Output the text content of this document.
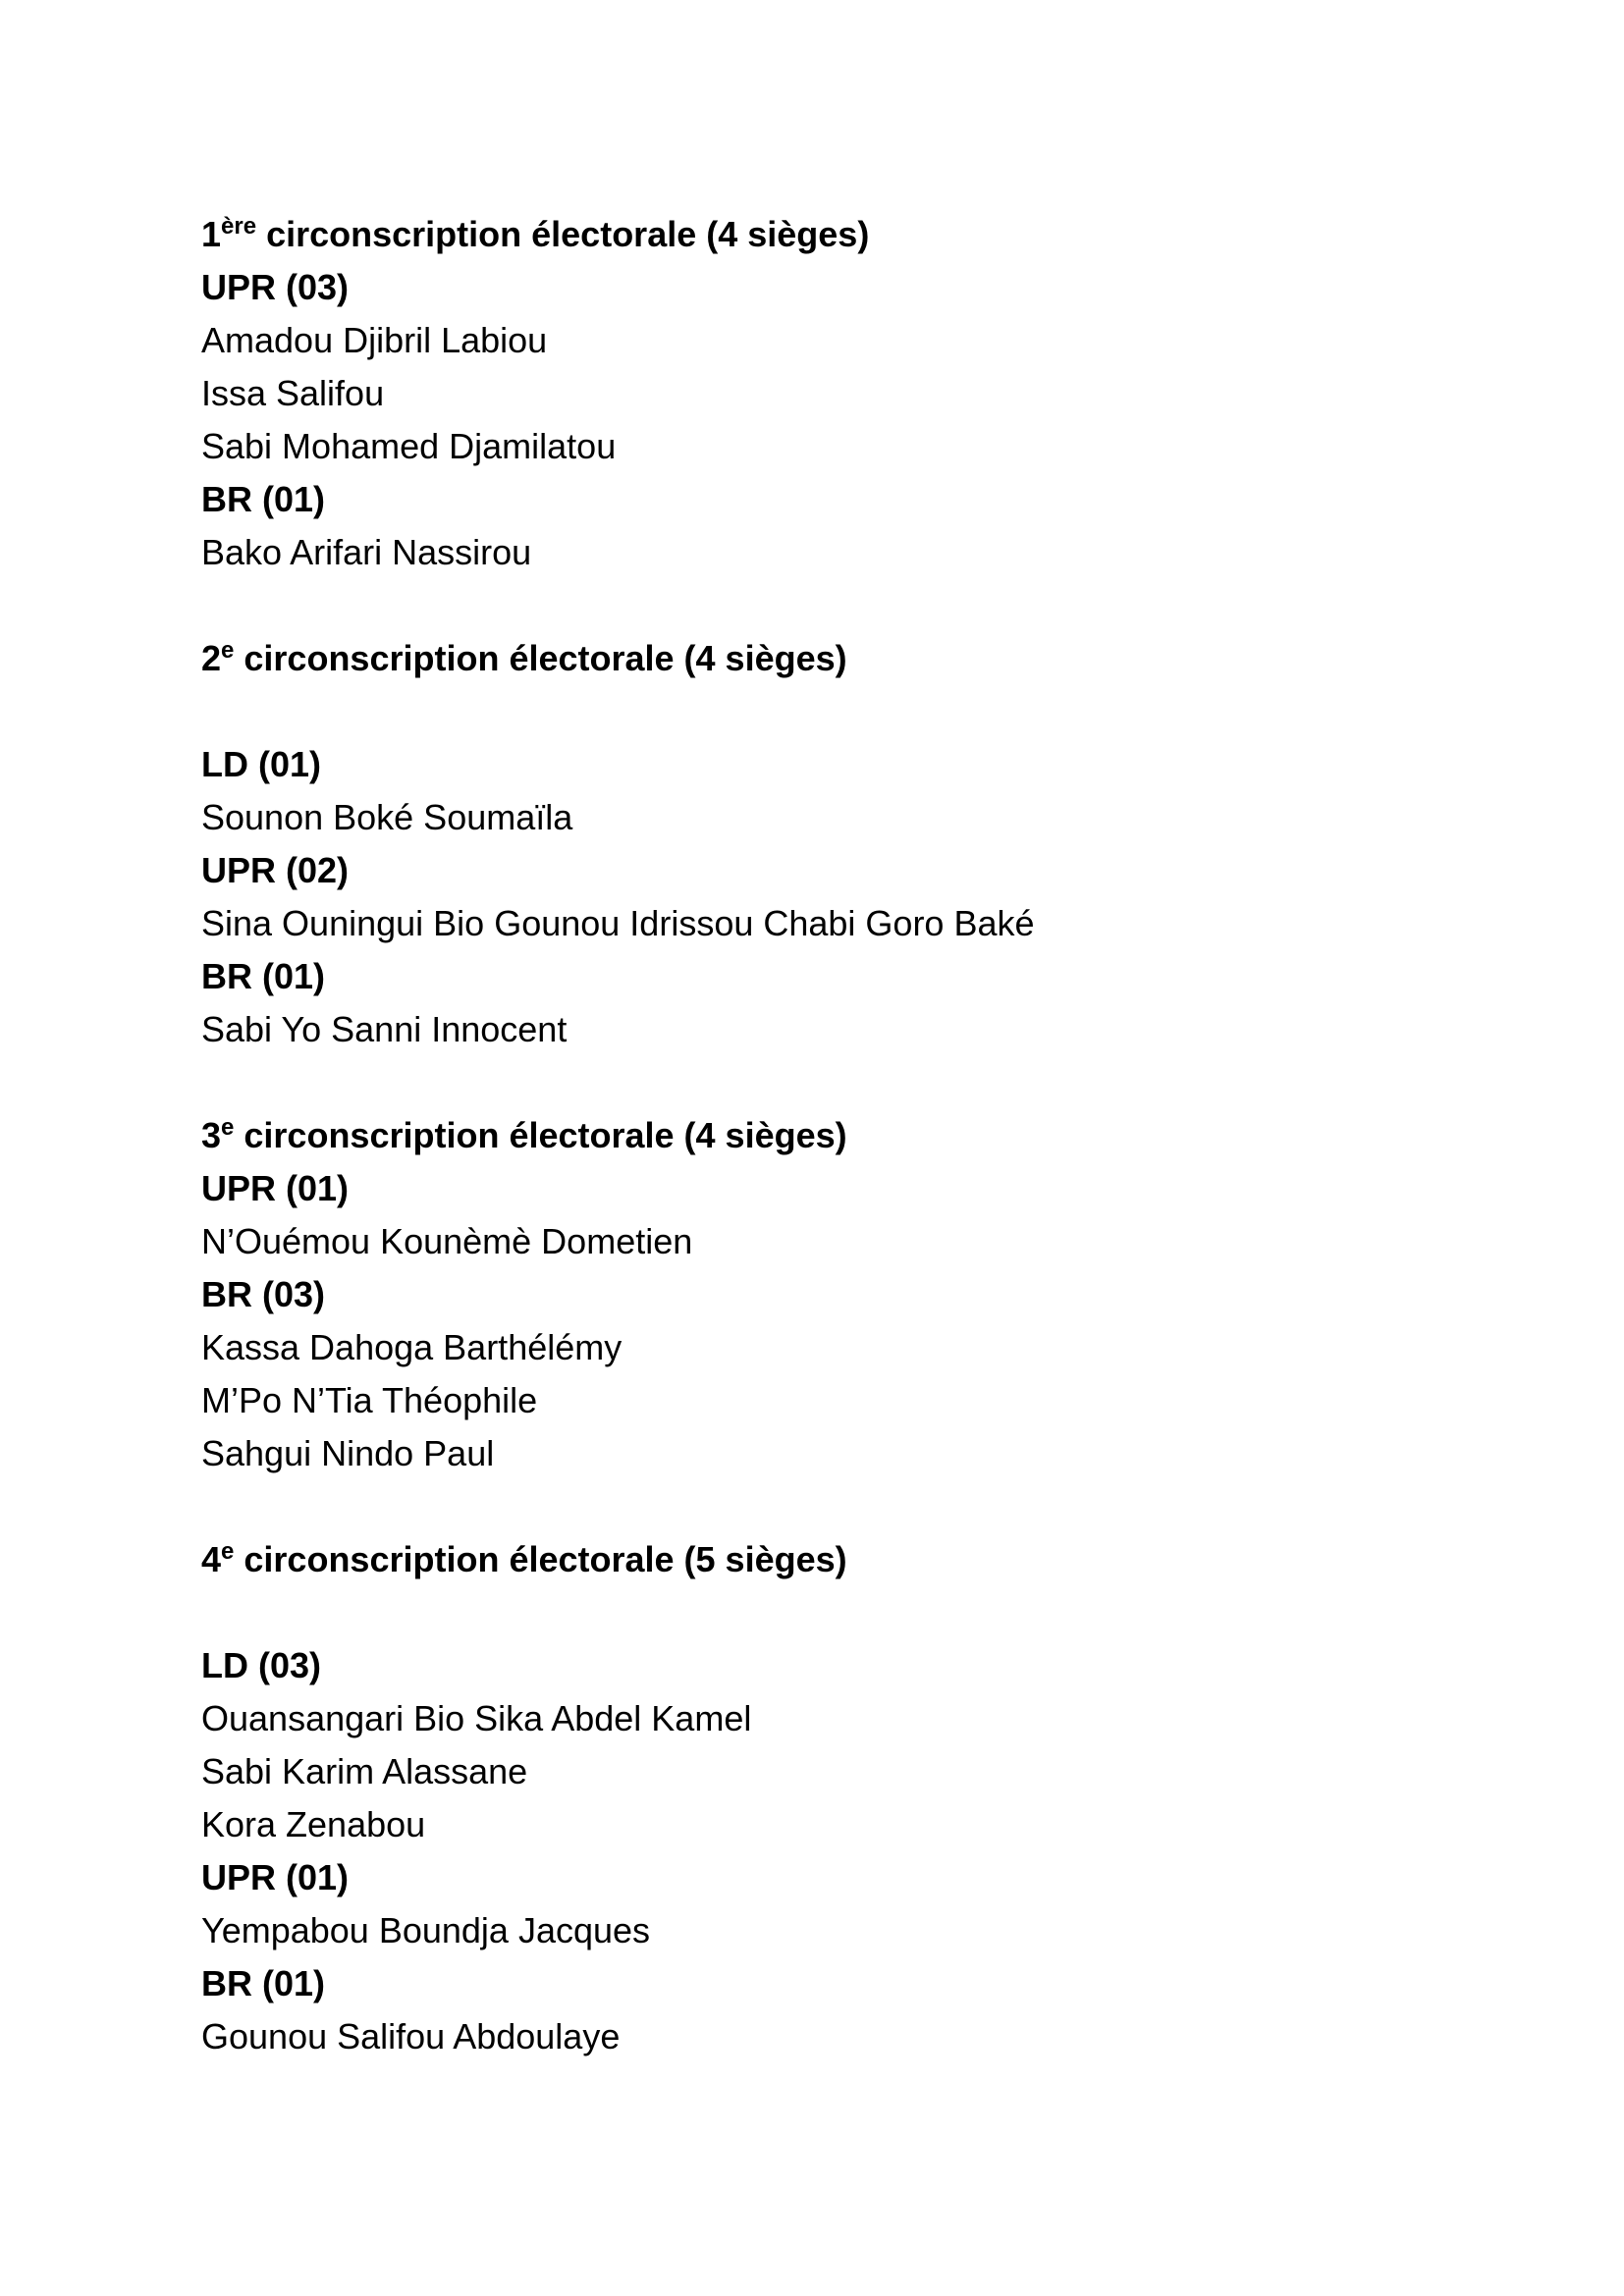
1ère circonscription électorale (4 sièges)
UPR (03)
Amadou Djibril Labiou
Issa Salifou
Sabi Mohamed Djamilatou
BR (01)
Bako Arifari Nassirou
2e circonscription électorale (4 sièges)
LD (01)
Sounon Boké Soumaïla
UPR (02)
Sina Ouningui Bio Gounou Idrissou Chabi Goro Baké
BR (01)
Sabi Yo Sanni Innocent
3e circonscription électorale (4 sièges)
UPR (01)
N’Ouémou Kounèmè Dometien
BR (03)
Kassa Dahoga Barthélémy
M’Po N’Tia Théophile
Sahgui Nindo Paul
4e circonscription électorale (5 sièges)
LD (03)
Ouansangari Bio Sika Abdel Kamel
Sabi Karim Alassane
Kora Zenabou
UPR (01)
Yempabou Boundja Jacques
BR (01)
Gounou Salifou Abdoulaye
